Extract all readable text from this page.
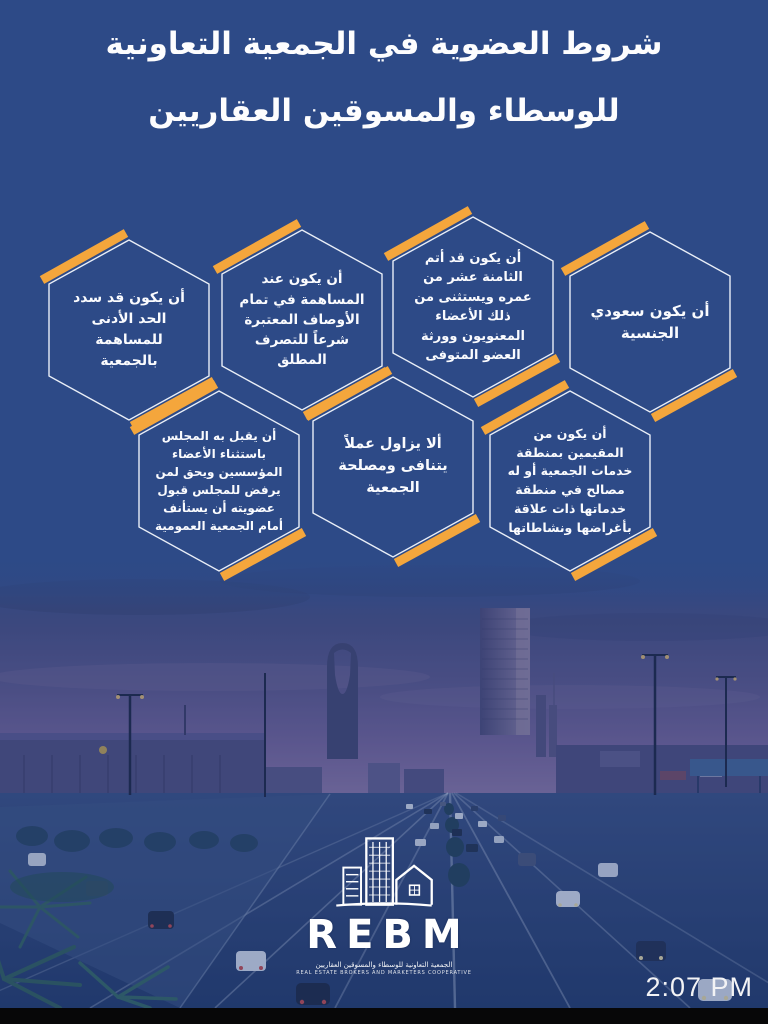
شروط العضوية في الجمعية التعاونية
للوسطاء والمسوقين العقاريين
أن يكون سعودي الجنسية
أن يكون قد أتم الثامنة عشر من عمره ويستثنى من ذلك الأعضاء المعنويون وورثة العضو المتوفى
أن يكون عند المساهمة في تمام الأوصاف المعتبرة شرعاً للتصرف المطلق
أن يكون قد سدد الحد الأدنى للمساهمة بالجمعية
أن يكون من المقيمين بمنطقة خدمات الجمعية أو له مصالح في منطقة خدماتها ذات علاقة بأغراضها ونشاطاتها
ألا يزاول عملاً يتنافى ومصلحة الجمعية
أن يقبل به المجلس باستثناء الأعضاء المؤسسين ويحق لمن يرفض للمجلس قبول عضويته أن يستأنف أمام الجمعية العمومية
REBM
الجمعية التعاونية للوسطاء والمسوقين العقاريين
REAL ESTATE BROKERS AND MARKETERS COOPERATIVE	2:07 PM
